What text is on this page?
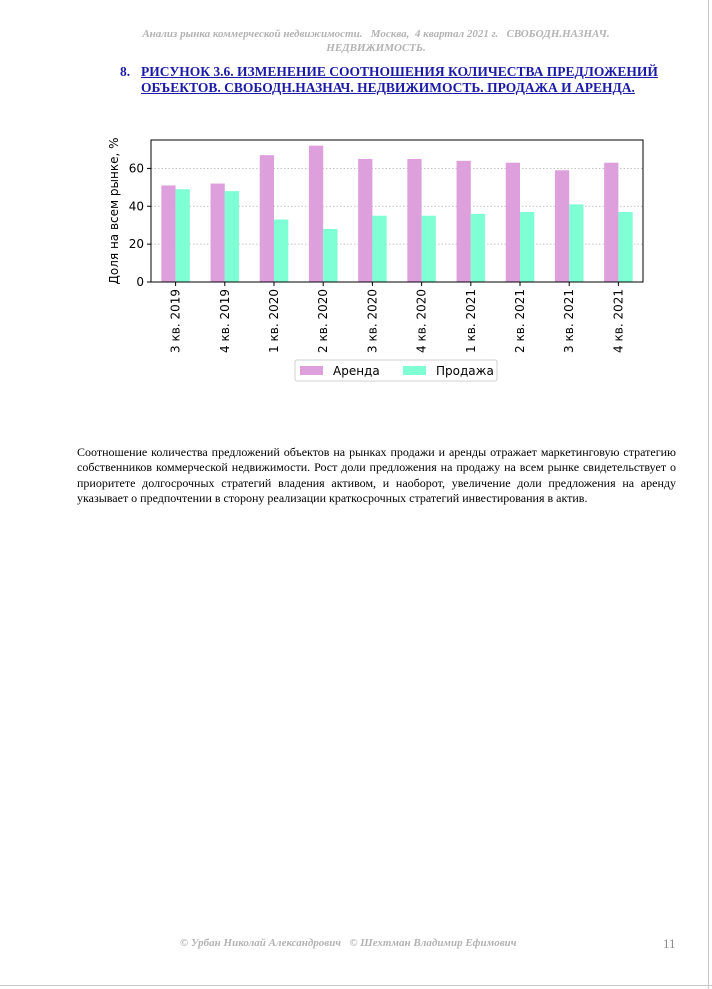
Анализ рынка коммерческой недвижимости.   Москва,  4 квартал 2021 г.   СВОБОДН.НАЗНАЧ.
НЕДВИЖИМОСТЬ.

8. РИСУНОК 3.6. ИЗМЕНЕНИЕ СООТНОШЕНИЯ КОЛИЧЕСТВА ПРЕДЛОЖЕНИЙ ОБЪЕКТОВ. СВОБОДН.НАЗНАЧ. НЕДВИЖИМОСТЬ. ПРОДАЖА И АРЕНДА.
0
20
40
60
3 кв. 2019	4 кв. 2019	1 кв. 2020	2 кв. 2020	3 кв. 2020	4 кв. 2020	1 кв. 2021	2 кв. 2021	3 кв. 2021	4 кв. 2021
Доля на всем рынке, %
Аренда	Продажа

Соотношение количества предложений объектов на рынках продажи и аренды отражает маркетинговую стратегию собственников коммерческой недвижимости. Рост доли предложения на продажу на всем рынке свидетельствует о приоритете долгосрочных стратегий владения активом, и наоборот, увеличение доли предложения на аренду указывает о предпочтении в сторону реализации краткосрочных стратегий инвестирования в актив.

© Урбан Николай Александрович   © Шехтман Владимир Ефимович	11
